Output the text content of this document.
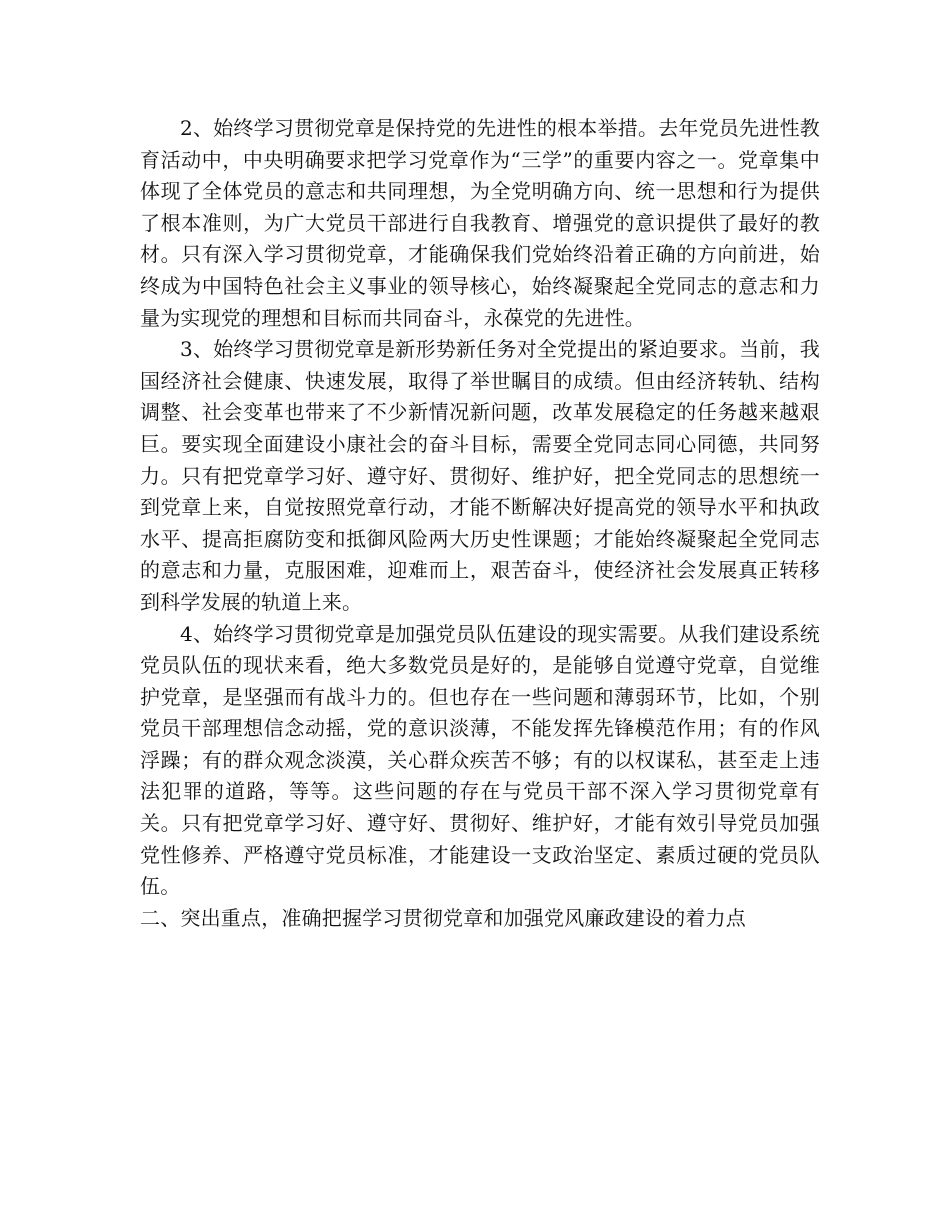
2、始终学习贯彻党章是保持党的先进性的根本举措。去年党员先进性教育活动中，中央明确要求把学习党章作为“三学”的重要内容之一。党章集中体现了全体党员的意志和共同理想，为全党明确方向、统一思想和行为提供了根本准则，为广大党员干部进行自我教育、增强党的意识提供了最好的教材。只有深入学习贯彻党章，才能确保我们党始终沿着正确的方向前进，始终成为中国特色社会主义事业的领导核心，始终凝聚起全党同志的意志和力量为实现党的理想和目标而共同奋斗，永葆党的先进性。

3、始终学习贯彻党章是新形势新任务对全党提出的紧迫要求。当前，我国经济社会健康、快速发展，取得了举世瞩目的成绩。但由经济转轨、结构调整、社会变革也带来了不少新情况新问题，改革发展稳定的任务越来越艰巨。要实现全面建设小康社会的奋斗目标，需要全党同志同心同德，共同努力。只有把党章学习好、遵守好、贯彻好、维护好，把全党同志的思想统一到党章上来，自觉按照党章行动，才能不断解决好提高党的领导水平和执政水平、提高拒腐防变和抵御风险两大历史性课题；才能始终凝聚起全党同志的意志和力量，克服困难，迎难而上，艰苦奋斗，使经济社会发展真正转移到科学发展的轨道上来。

4、始终学习贯彻党章是加强党员队伍建设的现实需要。从我们建设系统党员队伍的现状来看，绝大多数党员是好的，是能够自觉遵守党章，自觉维护党章，是坚强而有战斗力的。但也存在一些问题和薄弱环节，比如，个别党员干部理想信念动摇，党的意识淡薄，不能发挥先锋模范作用；有的作风浮躁；有的群众观念淡漠，关心群众疾苦不够；有的以权谋私，甚至走上违法犯罪的道路，等等。这些问题的存在与党员干部不深入学习贯彻党章有关。只有把党章学习好、遵守好、贯彻好、维护好，才能有效引导党员加强党性修养、严格遵守党员标准，才能建设一支政治坚定、素质过硬的党员队伍。

二、突出重点，准确把握学习贯彻党章和加强党风廉政建设的着力点
